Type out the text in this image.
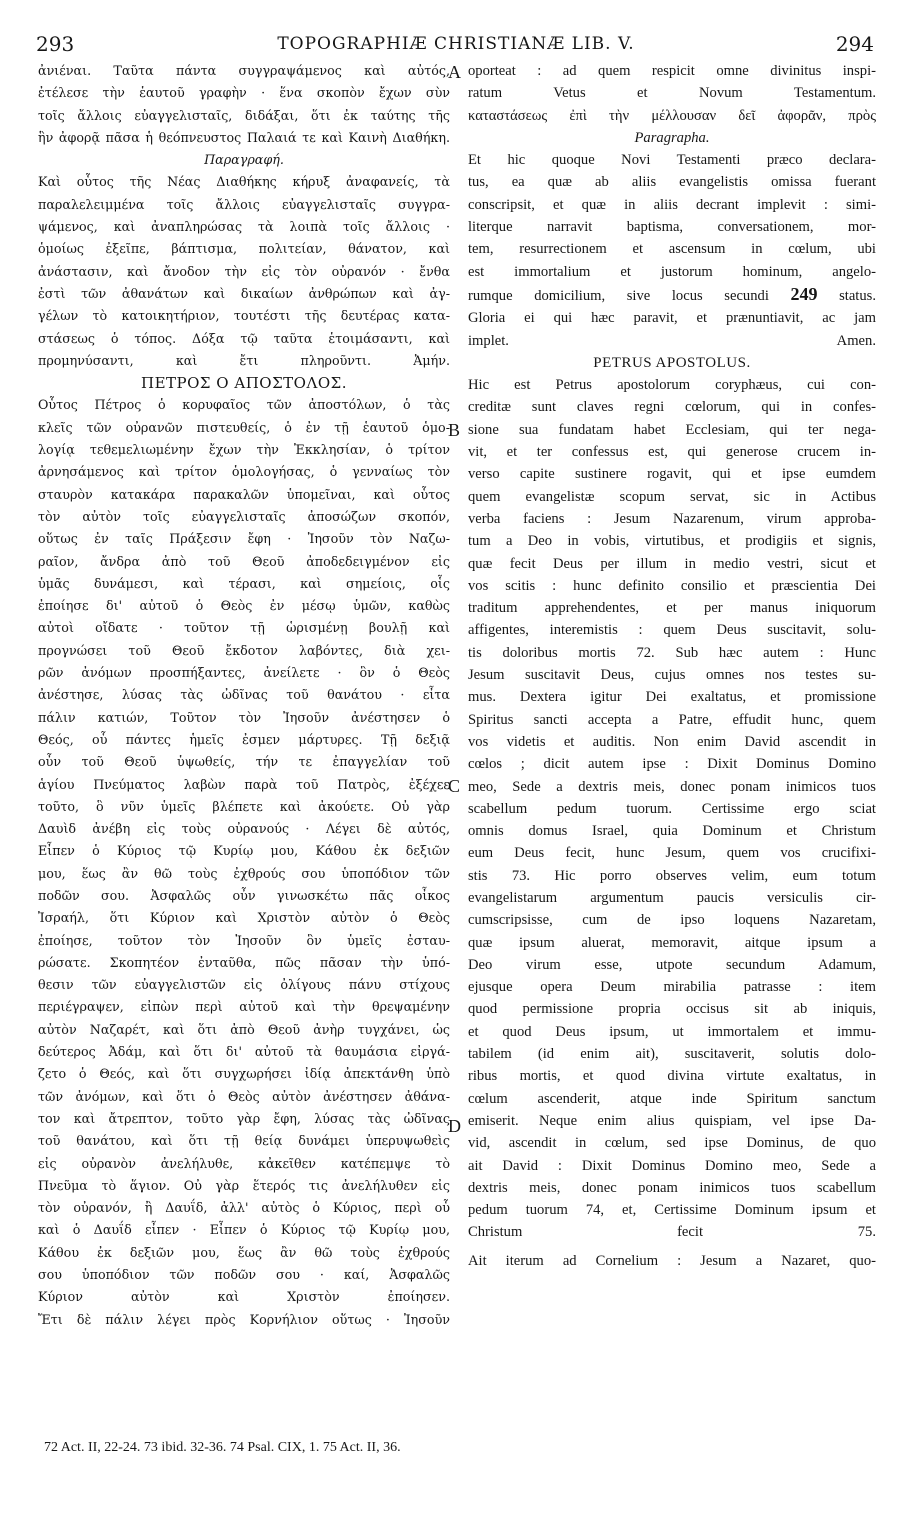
293	TOPOGRAPHIÆ CHRISTIANÆ LIB. V.	294
ἀνιέναι. Ταῦτα πάντα συγγραψάμενος καὶ αὐτός,
ἐτέλεσε τὴν ἑαυτοῦ γραφὴν · ἕνα σκοπὸν ἔχων σὺν
τοῖς ἄλλοις εὐαγγελισταῖς, διδάξαι, ὅτι ἐκ ταύτης τῆς
ἣν ἀφορᾷ πᾶσα ἡ θεόπνευστος Παλαιά τε καὶ Καινὴ Διαθήκη.
Παραγραφή.
Καὶ οὗτος τῆς Νέας Διαθήκης κήρυξ ἀναφανείς, τὰ
παραλελειμμένα τοῖς ἄλλοις εὐαγγελισταῖς συγγρα-
ψάμενος, καὶ ἀναπληρώσας τὰ λοιπὰ τοῖς ἄλλοις ·
ὁμοίως ἐξεῖπε, βάπτισμα, πολιτείαν, θάνατον, καὶ
ἀνάστασιν, καὶ ἄνοδον τὴν εἰς τὸν οὐρανόν · ἔνθα
ἐστὶ τῶν ἀθανάτων καὶ δικαίων ἀνθρώπων καὶ ἀγ-
γέλων τὸ κατοικητήριον, τουτέστι τῆς δευτέρας κατα-
στάσεως ὁ τόπος. Δόξα τῷ ταῦτα ἑτοιμάσαντι, καὶ
προμηνύσαντι, καὶ ἔτι πληροῦντι. Ἀμήν.
ΠΕΤΡΟΣ Ο ΑΠΟΣΤΟΛΟΣ.
Οὗτος Πέτρος ὁ κορυφαῖος τῶν ἀποστόλων, ὁ τὰς
κλεῖς τῶν οὐρανῶν πιστευθείς, ὁ ἐν τῇ ἑαυτοῦ ὁμο-
λογίᾳ τεθεμελιωμένην ἔχων τὴν Ἐκκλησίαν, ὁ τρίτον
ἀρνησάμενος καὶ τρίτον ὁμολογήσας, ὁ γενναίως τὸν
σταυρὸν κατακάρα παρακαλῶν ὑπομεῖναι, καὶ οὗτος
τὸν αὐτὸν τοῖς εὐαγγελισταῖς ἀποσώζων σκοπόν,
οὕτως ἐν ταῖς Πράξεσιν ἔφη · Ἰησοῦν τὸν Ναζω-
ραῖον, ἄνδρα ἀπὸ τοῦ Θεοῦ ἀποδεδειγμένον εἰς
ὑμᾶς δυνάμεσι, καὶ τέρασι, καὶ σημείοις, οἷς
ἐποίησε δι' αὐτοῦ ὁ Θεὸς ἐν μέσῳ ὑμῶν, καθὼς
αὐτοὶ οἴδατε · τοῦτον τῇ ὡρισμένῃ βουλῇ καὶ
προγνώσει τοῦ Θεοῦ ἔκδοτον λαβόντες, διὰ χει-
ρῶν ἀνόμων προσπήξαντες, ἀνείλετε · ὃν ὁ Θεὸς
ἀνέστησε, λύσας τὰς ὠδῖνας τοῦ θανάτου · εἶτα
πάλιν κατιών, Τοῦτον τὸν Ἰησοῦν ἀνέστησεν ὁ
Θεός, οὗ πάντες ἡμεῖς ἐσμεν μάρτυρες. Τῇ δεξιᾷ
οὖν τοῦ Θεοῦ ὑψωθείς, τήν τε ἐπαγγελίαν τοῦ
ἁγίου Πνεύματος λαβὼν παρὰ τοῦ Πατρὸς, ἐξέχεε
τοῦτο, ὃ νῦν ὑμεῖς βλέπετε καὶ ἀκούετε. Οὐ γὰρ
Δαυὶδ ἀνέβη εἰς τοὺς οὐρανούς · Λέγει δὲ αὐτός,
Εἶπεν ὁ Κύριος τῷ Κυρίῳ μου, Κάθου ἐκ δεξιῶν
μου, ἕως ἂν θῶ τοὺς ἐχθρούς σου ὑποπόδιον τῶν
ποδῶν σου. Ἀσφαλῶς οὖν γινωσκέτω πᾶς οἶκος
Ἰσραήλ, ὅτι Κύριον καὶ Χριστὸν αὐτὸν ὁ Θεὸς
ἐποίησε, τοῦτον τὸν Ἰησοῦν ὃν ὑμεῖς ἐσταυ-
ρώσατε. Σκοπητέον ἐνταῦθα, πῶς πᾶσαν τὴν ὑπό-
θεσιν τῶν εὐαγγελιστῶν εἰς ὀλίγους πάνυ στίχους
περιέγραψεν, εἰπὼν περὶ αὐτοῦ καὶ τὴν θρεψαμένην
αὐτὸν Ναζαρέτ, καὶ ὅτι ἀπὸ Θεοῦ ἀνὴρ τυγχάνει, ὡς
δεύτερος Ἀδάμ, καὶ ὅτι δι' αὐτοῦ τὰ θαυμάσια εἰργά-
ζετο ὁ Θεός, καὶ ὅτι συγχωρήσει ἰδίᾳ ἀπεκτάνθη ὑπὸ
τῶν ἀνόμων, καὶ ὅτι ὁ Θεὸς αὐτὸν ἀνέστησεν ἀθάνα-
τον καὶ ἄτρεπτον, τοῦτο γὰρ ἔφη, λύσας τὰς ὠδῖνας
τοῦ θανάτου, καὶ ὅτι τῇ θείᾳ δυνάμει ὑπερυψωθεὶς
εἰς οὐρανὸν ἀνελήλυθε, κἀκεῖθεν κατέπεμψε τὸ
Πνεῦμα τὸ ἅγιον. Οὐ γὰρ ἕτερός τις ἀνελήλυθεν εἰς
τὸν οὐρανόν, ἢ Δαυΐδ, ἀλλ' αὐτὸς ὁ Κύριος, περὶ οὗ
καὶ ὁ Δαυΐδ εἶπεν · Εἶπεν ὁ Κύριος τῷ Κυρίῳ μου,
Κάθου ἐκ δεξιῶν μου, ἕως ἂν θῶ τοὺς ἐχθρούς
σου ὑποπόδιον τῶν ποδῶν σου · καί, Ἀσφαλῶς
Κύριον αὐτὸν καὶ Χριστὸν ἐποίησεν.
Ἔτι δὲ πάλιν λέγει πρὸς Κορνήλιον οὕτως · Ἰησοῦν
oporteat : ad quem respicit omne divinitus inspi-
ratum Vetus et Novum Testamentum.
καταστάσεως ἐπὶ τὴν μέλλουσαν δεῖ ἀφορᾶν, πρὸς
Paragrapha.
Et hic quoque Novi Testamenti præco declara-
tus, ea quæ ab aliis evangelistis omissa fuerant
conscripsit, et quæ in aliis decrant implevit : simi-
literque narravit baptisma, conversationem, mor-
tem, resurrectionem et ascensum in cœlum, ubi
est immortalium et justorum hominum, angelo-
rumque domicilium, sive locus secundi 249 status.
Gloria ei qui hæc paravit, et prænuntiavit, ac jam
implet. Amen.
PETRUS APOSTOLUS.
Hic est Petrus apostolorum coryphæus, cui con-
creditæ sunt claves regni cœlorum, qui in confes-
sione sua fundatam habet Ecclesiam, qui ter nega-
vit, et ter confessus est, qui generose crucem in-
verso capite sustinere rogavit, qui et ipse eumdem
quem evangelistæ scopum servat, sic in Actibus
verba faciens : Jesum Nazarenum, virum approba-
tum a Deo in vobis, virtutibus, et prodigiis et signis,
quæ fecit Deus per illum in medio vestri, sicut et
vos scitis : hunc definito consilio et præscientia Dei
traditum apprehendentes, et per manus iniquorum
affigentes, interemistis : quem Deus suscitavit, solu-
tis doloribus mortis 72. Sub hæc autem : Hunc
Jesum suscitavit Deus, cujus omnes nos testes su-
mus. Dextera igitur Dei exaltatus, et promissione
Spiritus sancti accepta a Patre, effudit hunc, quem
vos videtis et auditis. Non enim David ascendit in
cœlos ; dicit autem ipse : Dixit Dominus Domino
meo, Sede a dextris meis, donec ponam inimicos tuos
scabellum pedum tuorum. Certissime ergo sciat
omnis domus Israel, quia Dominum et Christum
eum Deus fecit, hunc Jesum, quem vos crucifixi-
stis 73. Hic porro observes velim, eum totum
evangelistarum argumentum paucis versiculis cir-
cumscripsisse, cum de ipso loquens Nazaretam,
quæ ipsum aluerat, memoravit, aitque ipsum a
Deo virum esse, utpote secundum Adamum,
ejusque opera Deum mirabilia patrasse : item
quod permissione propria occisus sit ab iniquis,
et quod Deus ipsum, ut immortalem et immu-
tabilem (id enim ait), suscitaverit, solutis dolo-
ribus mortis, et quod divina virtute exaltatus, in
cœlum ascenderit, atque inde Spiritum sanctum
emiserit. Neque enim alius quispiam, vel ipse Da-
vid, ascendit in cœlum, sed ipse Dominus, de quo
ait David : Dixit Dominus Domino meo, Sede a
dextris meis, donec ponam inimicos tuos scabellum
pedum tuorum 74, et, Certissime Dominum ipsum et
Christum fecit 75.
Ait iterum ad Cornelium : Jesum a Nazaret, quo-
A
B
C
D
72 Act. II, 22-24. 73 ibid. 32-36. 74 Psal. CIX, 1. 75 Act. II, 36.
